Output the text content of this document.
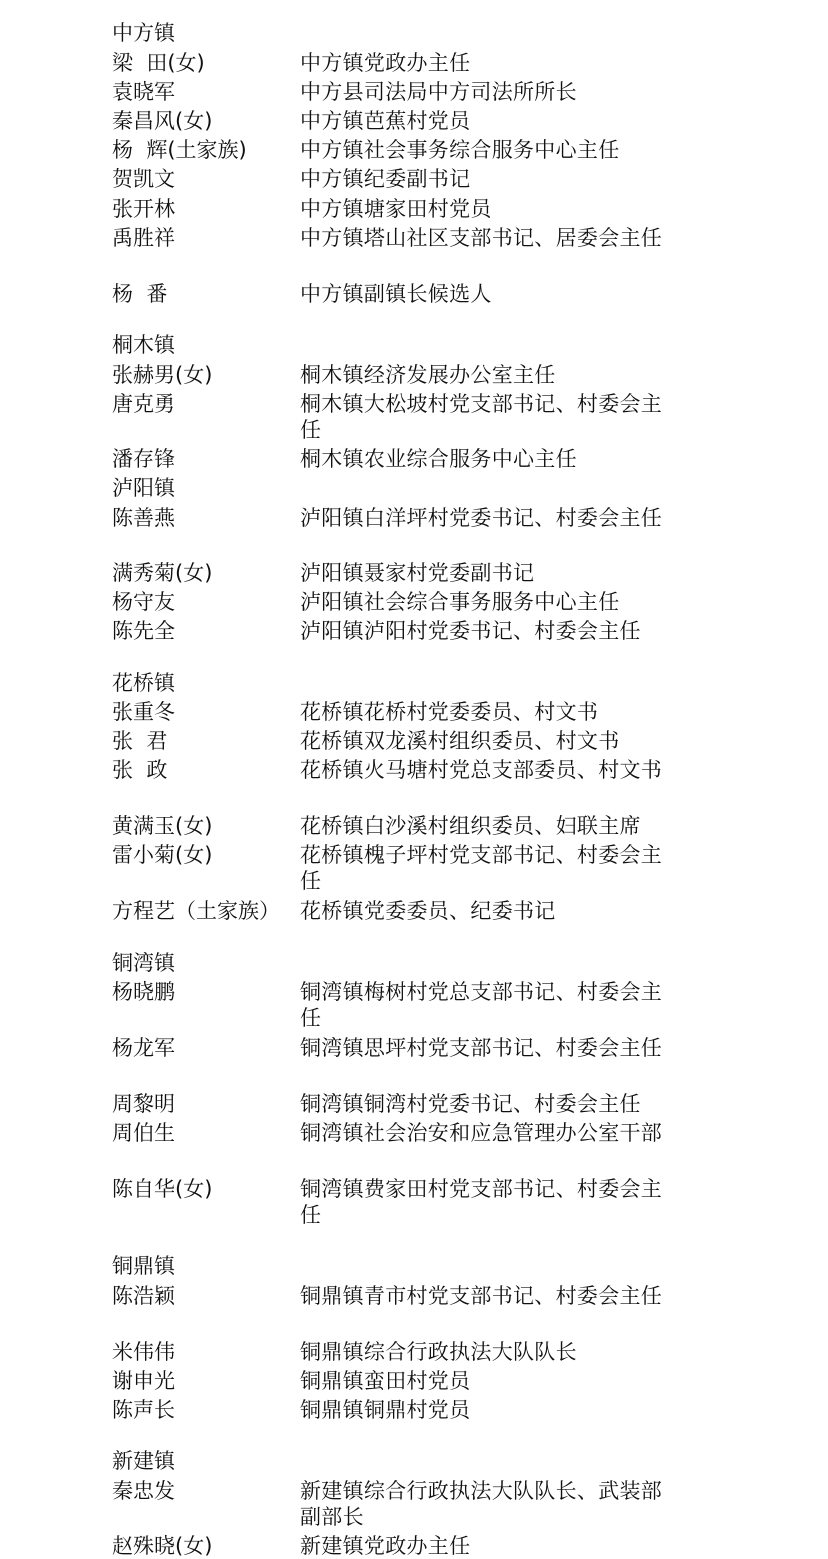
中方镇
梁  田(女)	中方镇党政办主任
袁晓军	中方县司法局中方司法所所长
秦昌风(女)	中方镇芭蕉村党员
杨  辉(土家族)	中方镇社会事务综合服务中心主任
贺凯文	中方镇纪委副书记
张开林	中方镇塘家田村党员
禹胜祥	中方镇塔山社区支部书记、居委会主任
杨  番	中方镇副镇长候选人
桐木镇
张赫男(女)	桐木镇经济发展办公室主任
唐克勇	桐木镇大松坡村党支部书记、村委会主任
潘存锋	桐木镇农业综合服务中心主任
泸阳镇
陈善燕	泸阳镇白洋坪村党委书记、村委会主任
满秀菊(女)	泸阳镇聂家村党委副书记
杨守友	泸阳镇社会综合事务服务中心主任
陈先全	泸阳镇泸阳村党委书记、村委会主任
花桥镇
张重冬	花桥镇花桥村党委委员、村文书
张  君	花桥镇双龙溪村组织委员、村文书
张  政	花桥镇火马塘村党总支部委员、村文书
黄满玉(女)	花桥镇白沙溪村组织委员、妇联主席
雷小菊(女)	花桥镇槐子坪村党支部书记、村委会主任
方程艺（土家族） 花桥镇党委委员、纪委书记
铜湾镇
杨晓鹏	铜湾镇梅树村党总支部书记、村委会主任
杨龙军	铜湾镇思坪村党支部书记、村委会主任
周黎明	铜湾镇铜湾村党委书记、村委会主任
周伯生	铜湾镇社会治安和应急管理办公室干部
陈自华(女)	铜湾镇费家田村党支部书记、村委会主任
铜鼎镇
陈浩颖	铜鼎镇青市村党支部书记、村委会主任
米伟伟	铜鼎镇综合行政执法大队队长
谢申光	铜鼎镇蛮田村党员
陈声长	铜鼎镇铜鼎村党员
新建镇
秦忠发	新建镇综合行政执法大队队长、武装部副部长
赵殊晓(女)	新建镇党政办主任
